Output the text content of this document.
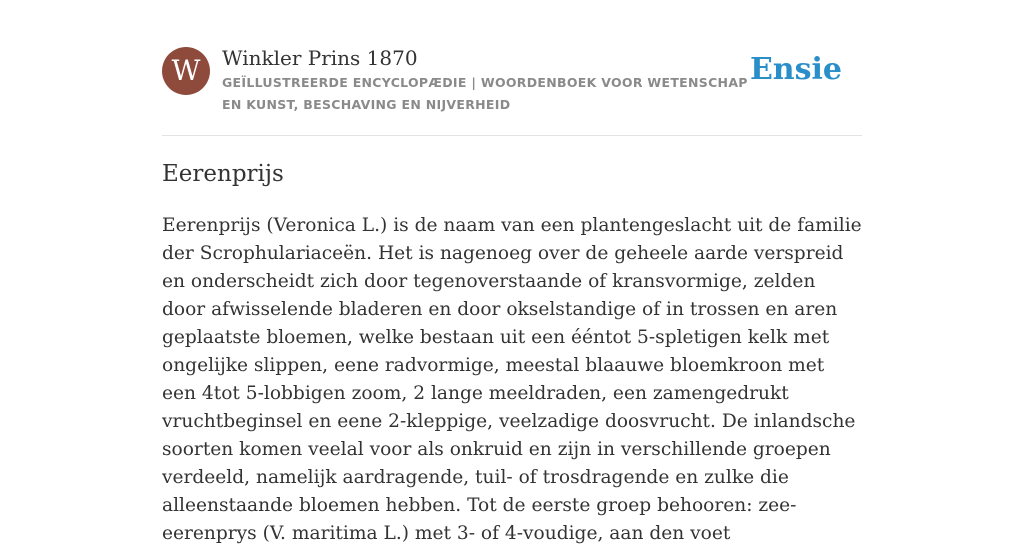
W	Winkler Prins 1870
GEÏLLUSTREERDE ENCYCLOPÆDIE | WOORDENBOEK VOOR WETENSCHAP EN KUNST, BESCHAVING EN NIJVERHEID
Ensie
Eerenprijs

Eerenprijs (Veronica L.) is de naam van een plantengeslacht uit de familie der Scrophulariaceën. Het is nagenoeg over de geheele aarde verspreid en onderscheidt zich door tegenoverstaande of kransvormige, zelden door afwisselende bladeren en door okselstandige of in trossen en aren geplaatste bloemen, welke bestaan uit een ééntot 5-spletigen kelk met ongelijke slippen, eene radvormige, meestal blaauwe bloemkroon met een 4tot 5-lobbigen zoom, 2 lange meeldraden, een zamengedrukt vruchtbeginsel en eene 2-kleppige, veelzadige doosvrucht. De inlandsche soorten komen veelal voor als onkruid en zijn in verschillende groepen verdeeld, namelijk aardragende, tuil- of trosdragende en zulke die alleenstaande bloemen hebben. Tot de eerste groep behooren: zee-eerenprys (V. maritima L.) met 3- of 4-voudige, aan den voet
